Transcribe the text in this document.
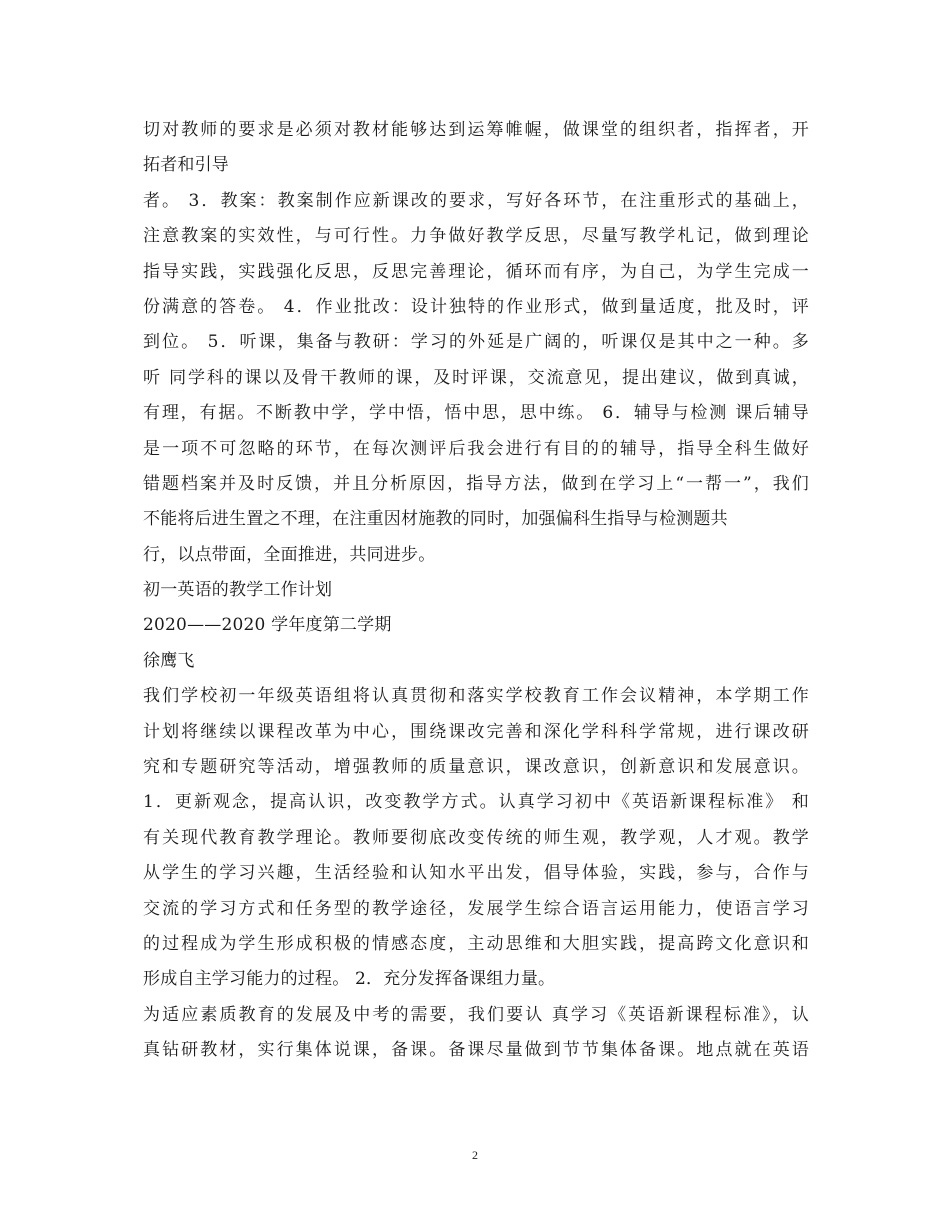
切对教师的要求是必须对教材能够达到运筹帷幄，做课堂的组织者，指挥者，开
拓者和引导
者。 3．教案：教案制作应新课改的要求，写好各环节，在注重形式的基础上，
注意教案的实效性，与可行性。力争做好教学反思，尽量写教学札记，做到理论
指导实践，实践强化反思，反思完善理论，循环而有序，为自己，为学生完成一
份满意的答卷。 4．作业批改：设计独特的作业形式，做到量适度，批及时，评
到位。 5．听课，集备与教研：学习的外延是广阔的，听课仅是其中之一种。多
听 同学科的课以及骨干教师的课，及时评课，交流意见，提出建议，做到真诚，
有理，有据。不断教中学，学中悟，悟中思，思中练。 6．辅导与检测 课后辅导
是一项不可忽略的环节，在每次测评后我会进行有目的的辅导，指导全科生做好
错题档案并及时反馈，并且分析原因，指导方法，做到在学习上“一帮一”，我们
不能将后进生置之不理，在注重因材施教的同时，加强偏科生指导与检测题共
行，以点带面，全面推进，共同进步。
初一英语的教学工作计划
2020——2020 学年度第二学期
徐鹰飞
我们学校初一年级英语组将认真贯彻和落实学校教育工作会议精神，本学期工作
计划将继续以课程改革为中心，围绕课改完善和深化学科科学常规，进行课改研
究和专题研究等活动，增强教师的质量意识，课改意识，创新意识和发展意识。
1．更新观念，提高认识，改变教学方式。认真学习初中《英语新课程标准》 和
有关现代教育教学理论。教师要彻底改变传统的师生观，教学观，人才观。教学
从学生的学习兴趣，生活经验和认知水平出发，倡导体验，实践，参与，合作与
交流的学习方式和任务型的教学途径，发展学生综合语言运用能力，使语言学习
的过程成为学生形成积极的情感态度，主动思维和大胆实践，提高跨文化意识和
形成自主学习能力的过程。 2．充分发挥备课组力量。
为适应素质教育的发展及中考的需要，我们要认 真学习《英语新课程标准》，认
真钻研教材，实行集体说课，备课。备课尽量做到节节集体备课。地点就在英语
2
